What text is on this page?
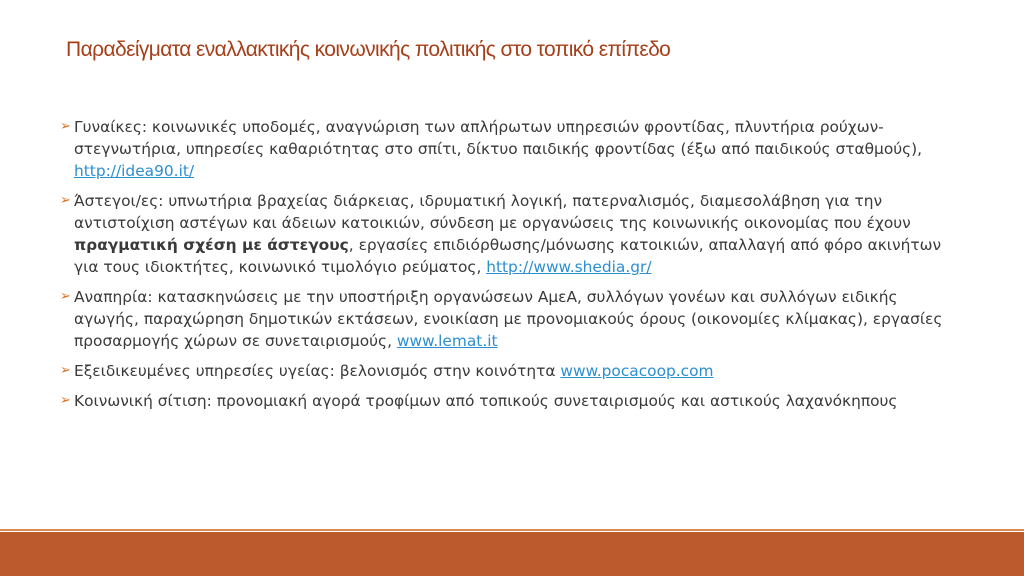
Παραδείγματα εναλλακτικής κοινωνικής πολιτικής στο τοπικό επίπεδο
➢ Γυναίκες: κοινωνικές υποδομές, αναγνώριση των απλήρωτων υπηρεσιών φροντίδας, πλυντήρια ρούχων-στεγνωτήρια, υπηρεσίες καθαριότητας στο σπίτι, δίκτυο παιδικής φροντίδας (έξω από παιδικούς σταθμούς), http://idea90.it/
➢ Άστεγοι/ες: υπνωτήρια βραχείας διάρκειας, ιδρυματική λογική, πατερναλισμός, διαμεσολάβηση για την αντιστοίχιση αστέγων και άδειων κατοικιών, σύνδεση με οργανώσεις της κοινωνικής οικονομίας που έχουν πραγματική σχέση με άστεγους, εργασίες επιδιόρθωσης/μόνωσης κατοικιών, απαλλαγή από φόρο ακινήτων για τους ιδιοκτήτες, κοινωνικό τιμολόγιο ρεύματος, http://www.shedia.gr/
➢ Αναπηρία: κατασκηνώσεις με την υποστήριξη οργανώσεων ΑμεΑ, συλλόγων γονέων και συλλόγων ειδικής αγωγής, παραχώρηση δημοτικών εκτάσεων, ενοικίαση με προνομιακούς όρους (οικονομίες κλίμακας), εργασίες προσαρμογής χώρων σε συνεταιρισμούς, www.lemat.it
➢ Εξειδικευμένες υπηρεσίες υγείας: βελονισμός στην κοινότητα www.pocacoop.com
➢ Κοινωνική σίτιση: προνομιακή αγορά τροφίμων από τοπικούς συνεταιρισμούς και αστικούς λαχανόκηπους
